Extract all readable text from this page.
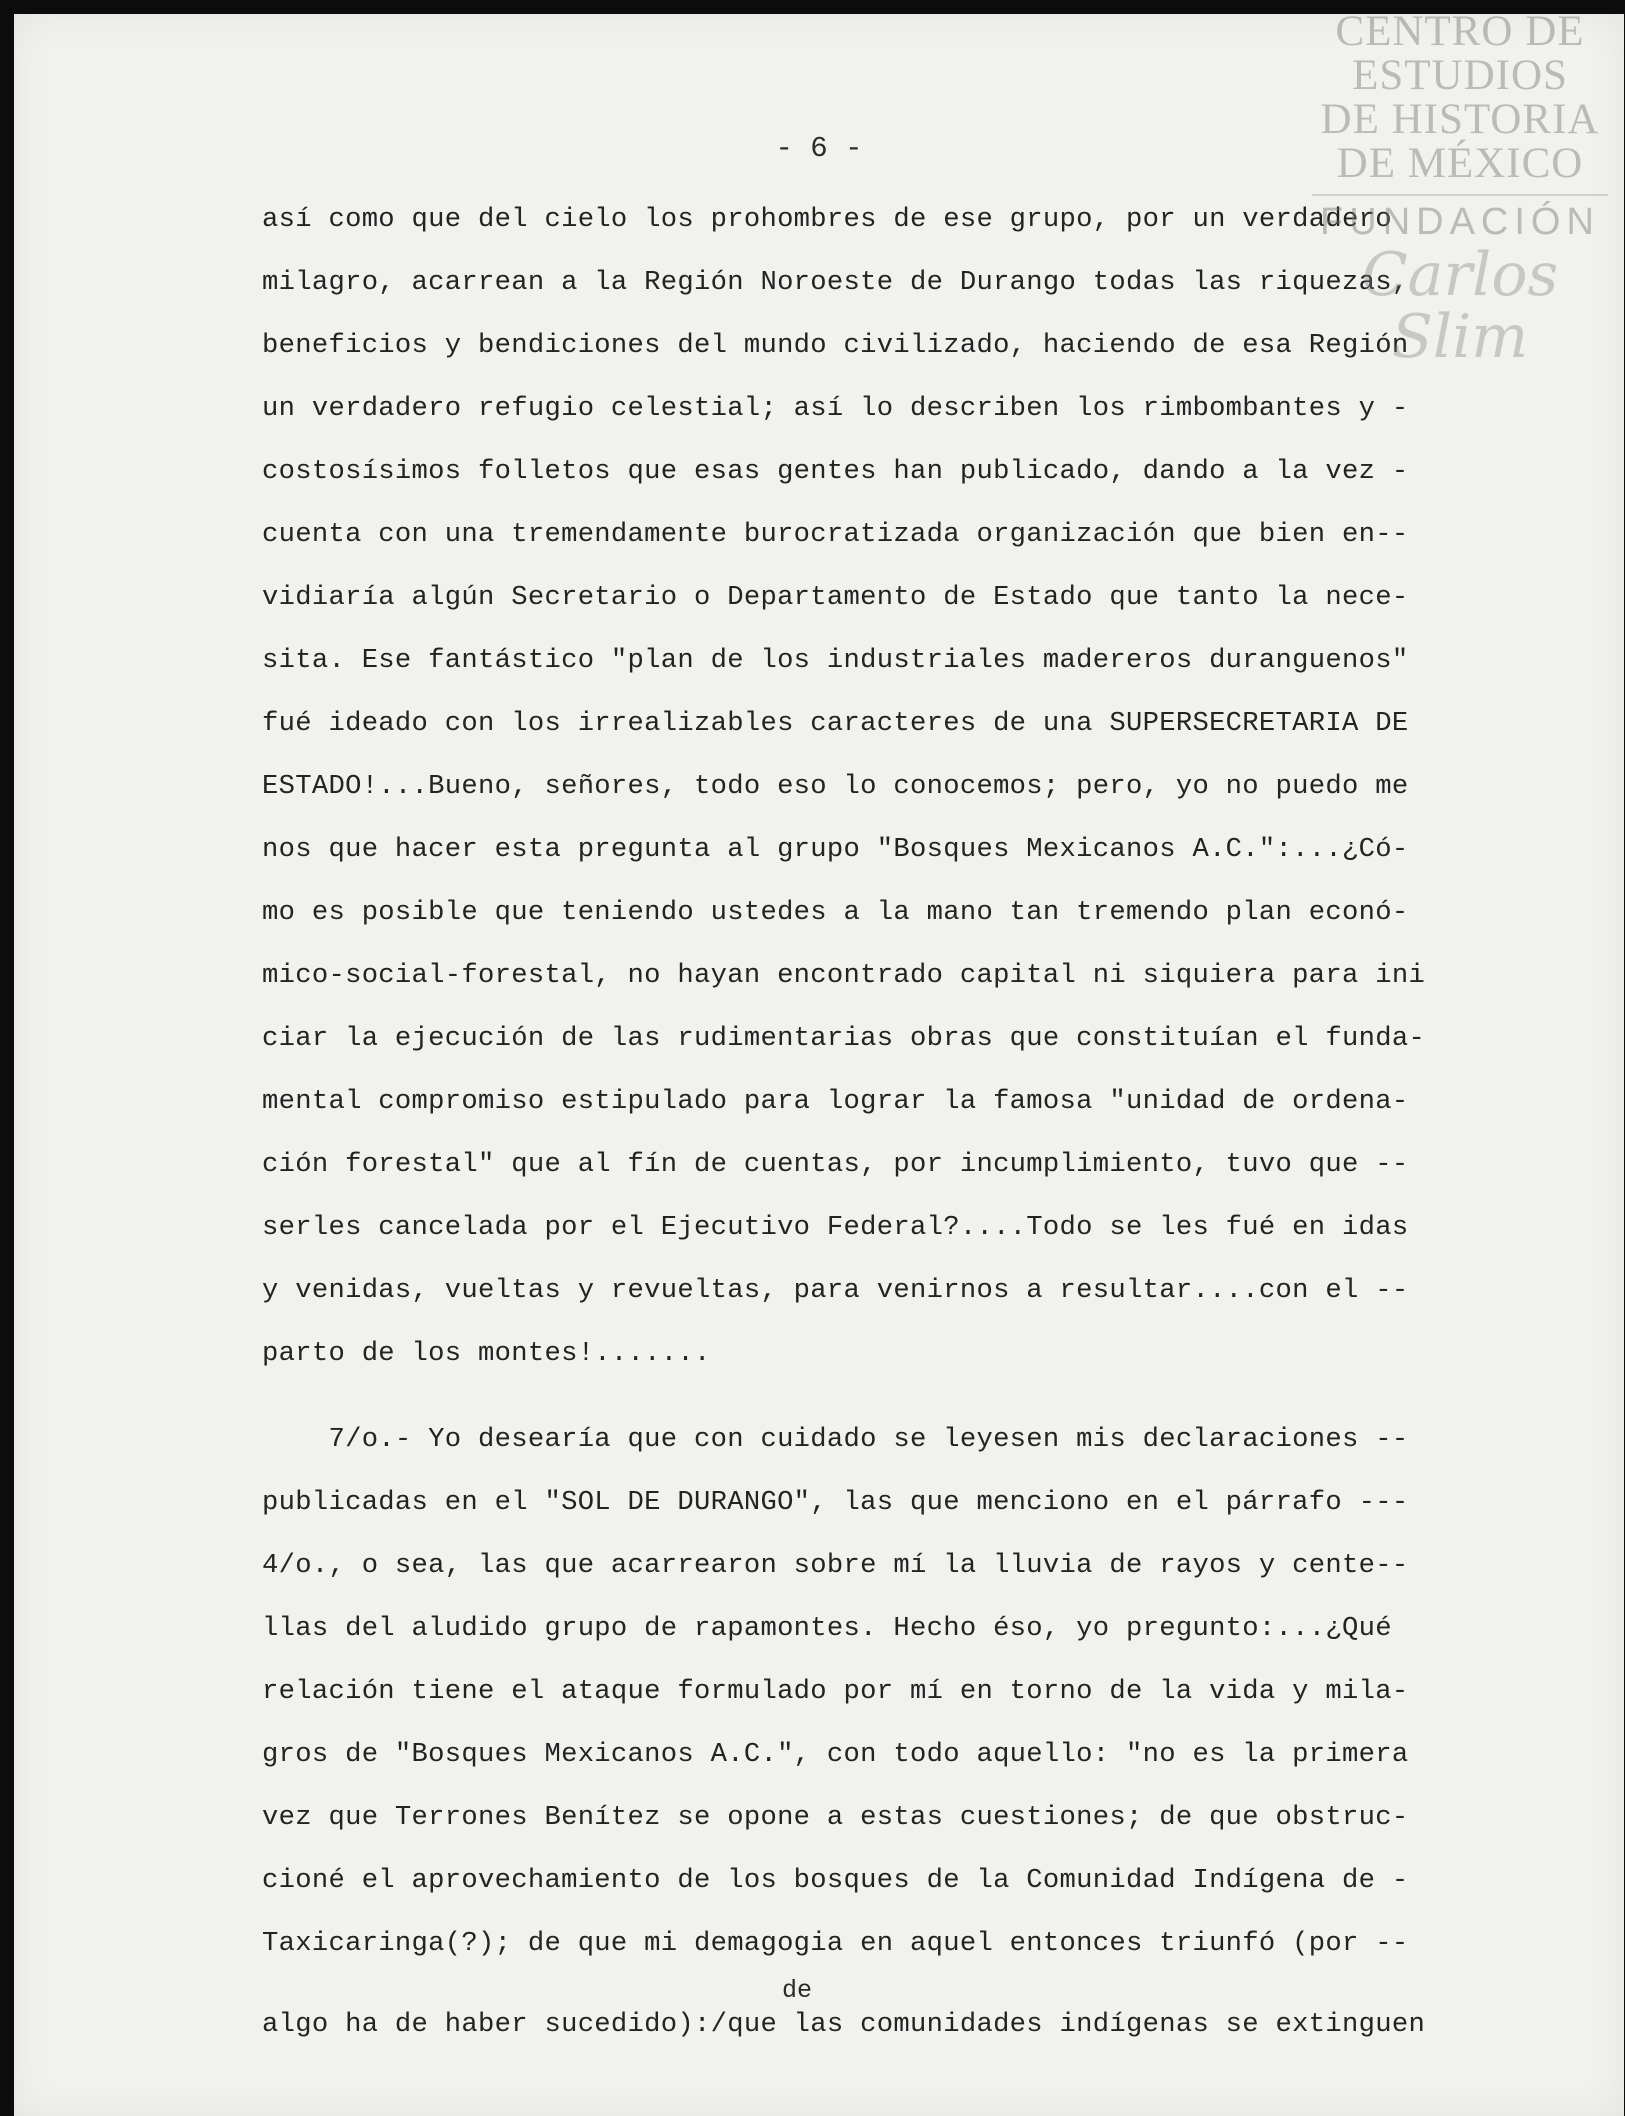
- 6 -
así como que del cielo los prohombres de ese grupo, por un verdadero
milagro, acarrean a la Región Noroeste de Durango todas las riquezas,
beneficios y bendiciones del mundo civilizado, haciendo de esa Región
un verdadero refugio celestial; así lo describen los rimbombantes y -
costosísimos folletos que esas gentes han publicado, dando a la vez -
cuenta con una tremendamente burocratizada organización que bien en--
vidiaría algún Secretario o Departamento de Estado que tanto la nece-
sita. Ese fantástico "plan de los industriales madereros duranguenos"
fué ideado con los irrealizables caracteres de una SUPERSECRETARIA DE
ESTADO!...Bueno, señores, todo eso lo conocemos; pero, yo no puedo me
nos que hacer esta pregunta al grupo "Bosques Mexicanos A.C.":...¿Có-
mo es posible que teniendo ustedes a la mano tan tremendo plan econó-
mico-social-forestal, no hayan encontrado capital ni siquiera para ini
ciar la ejecución de las rudimentarias obras que constituían el funda-
mental compromiso estipulado para lograr la famosa "unidad de ordena-
ción forestal" que al fín de cuentas, por incumplimiento, tuvo que --
serles cancelada por el Ejecutivo Federal?....Todo se les fué en idas
y venidas, vueltas y revueltas, para venirnos a resultar....con el --
parto de los montes!.......
7/o.- Yo desearía que con cuidado se leyesen mis declaraciones --
publicadas en el "SOL DE DURANGO", las que menciono en el párrafo ---
4/o., o sea, las que acarrearon sobre mí la lluvia de rayos y cente--
llas del aludido grupo de rapamontes. Hecho éso, yo pregunto:...¿Qué
relación tiene el ataque formulado por mí en torno de la vida y mila-
gros de "Bosques Mexicanos A.C.", con todo aquello: "no es la primera
vez que Terrones Benítez se opone a estas cuestiones; de que obstruc-
cioné el aprovechamiento de los bosques de la Comunidad Indígena de -
Taxicaringa(?); de que mi demagogia en aquel entonces triunfó (por --
algo ha de haber sucedido):/que las comunidades indígenas se extinguen
de
CENTRO DE
ESTUDIOS
DE HISTORIA
DE MÉXICO
FUNDACIÓN
Carlos Slim
